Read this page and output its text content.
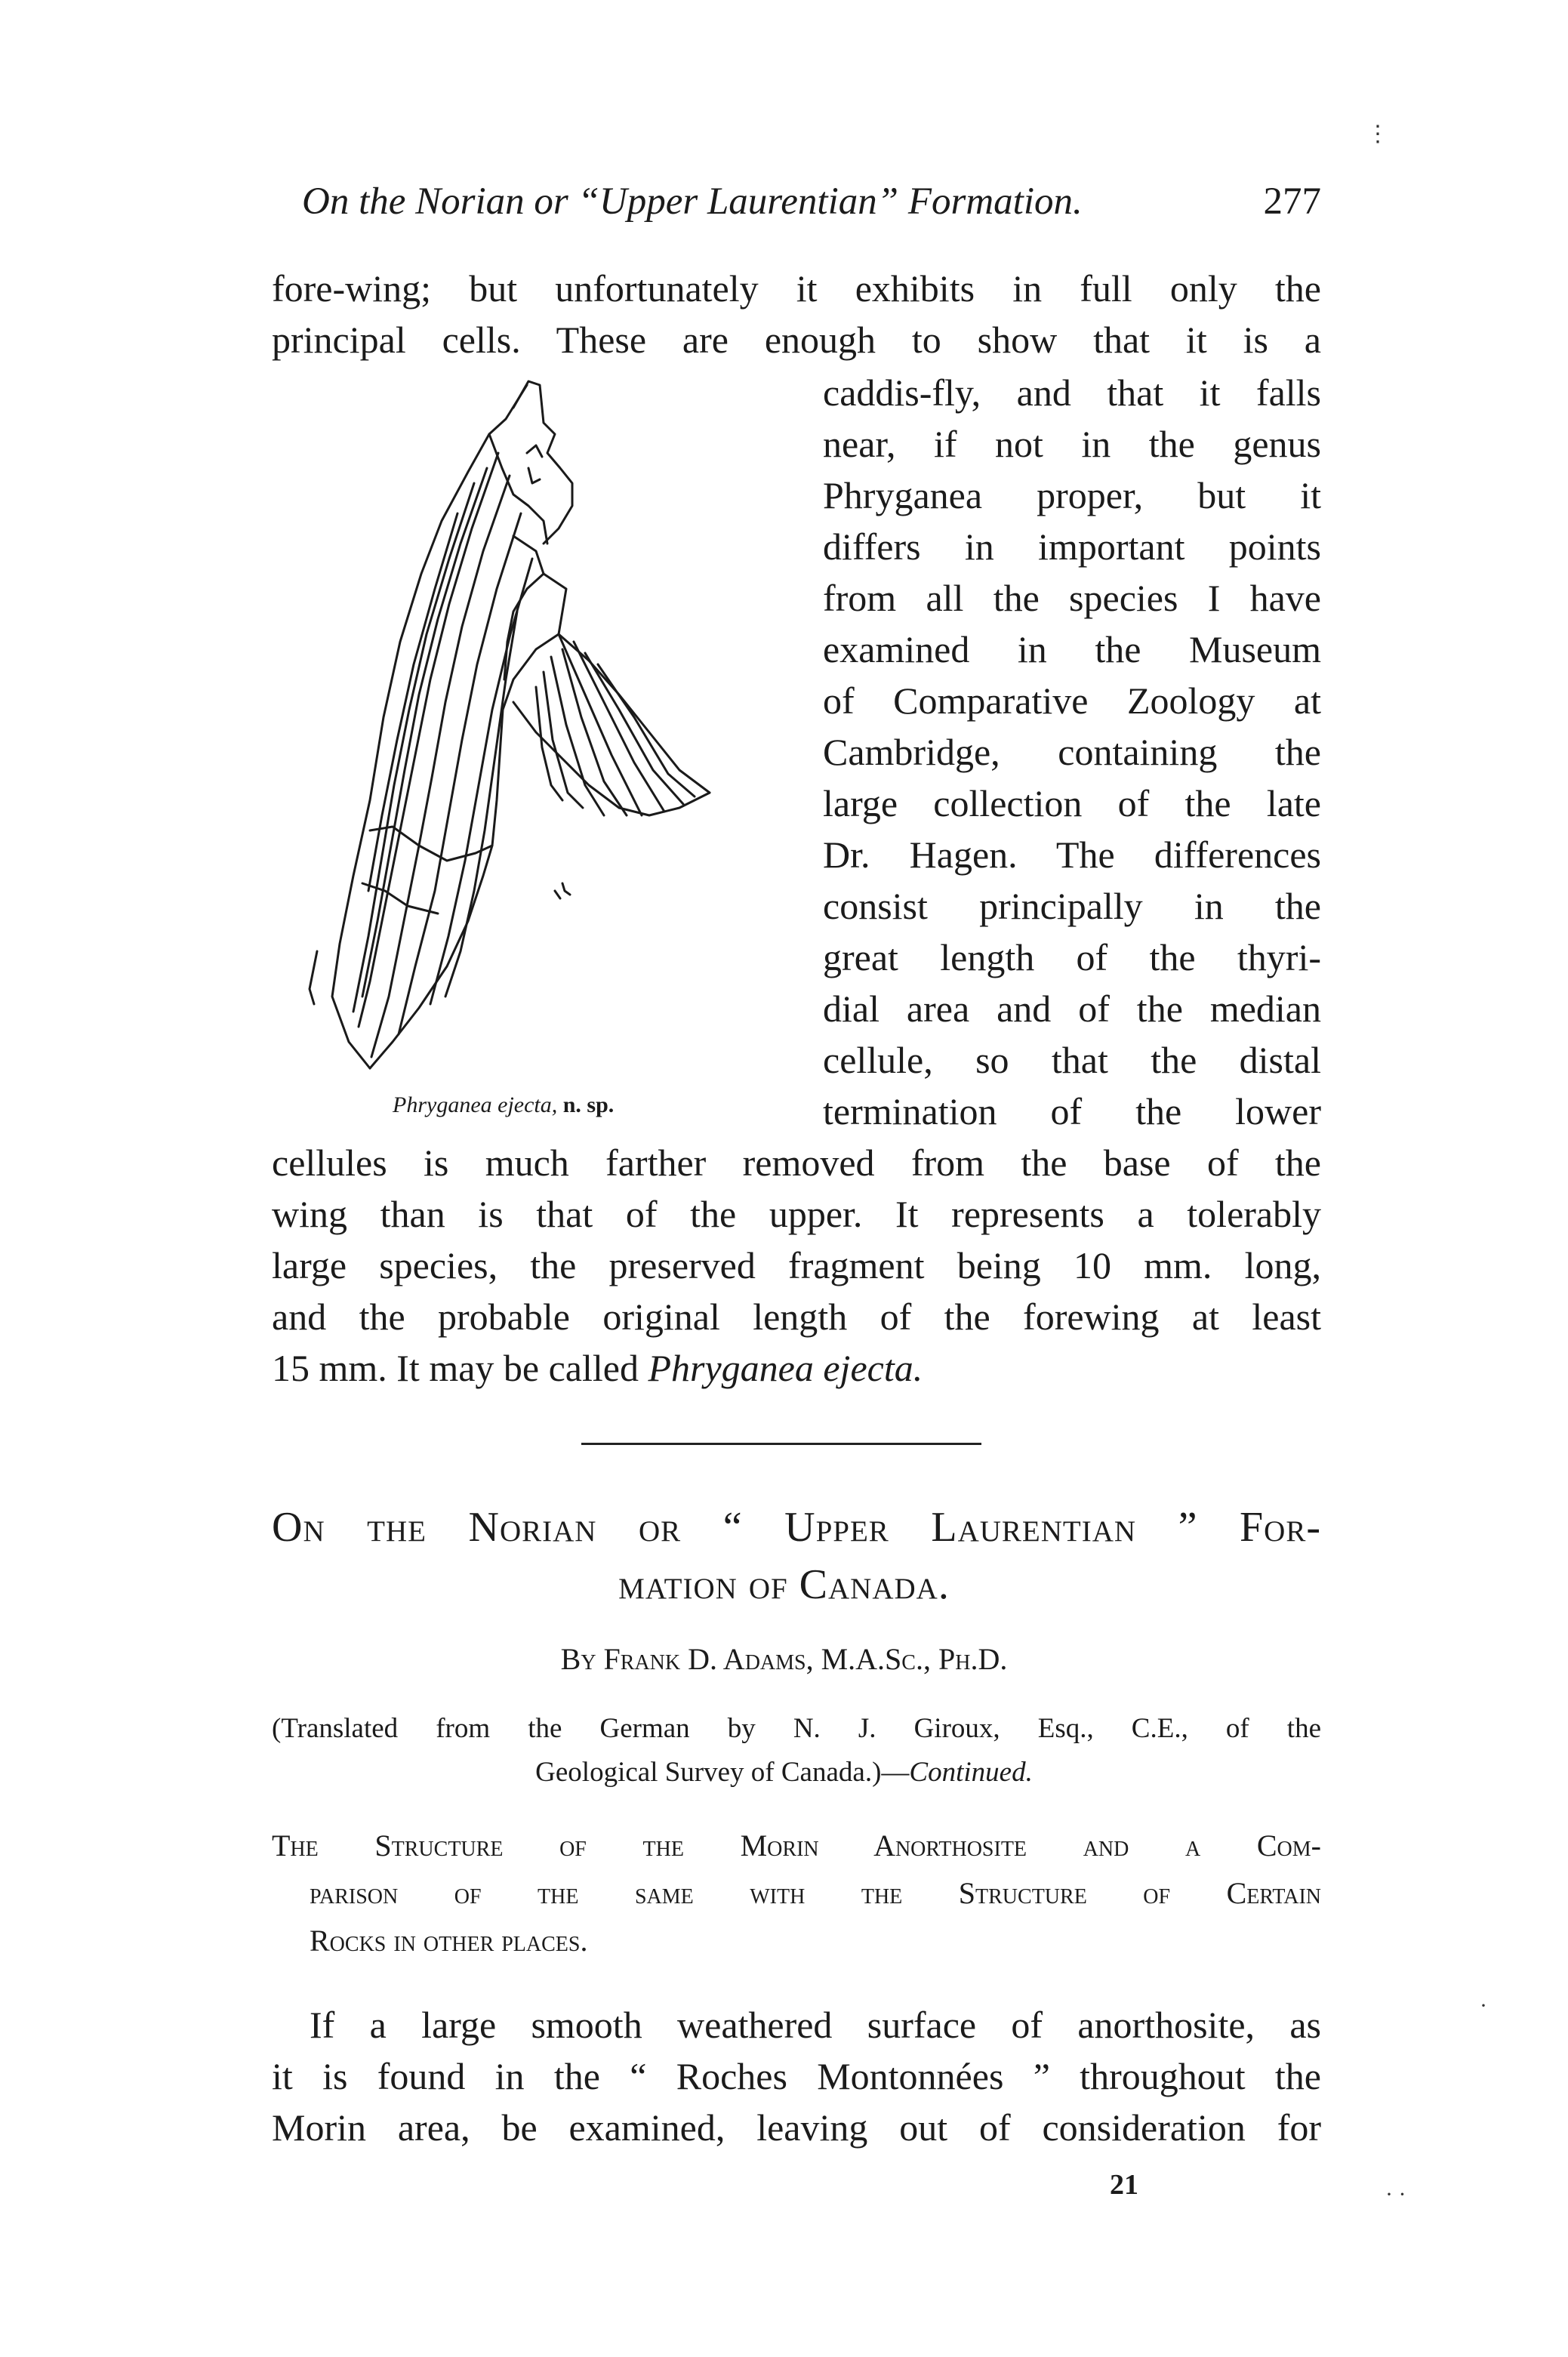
On the Norian or “Upper Laurentian” Formation.	277
fore-wing; but unfortunately it exhibits in full only the
principal cells. These are enough to show that it is a
caddis-fly, and that it falls
near, if not in the genus
Phryganea proper, but it
differs in important points
from all the species I have
examined in the Museum
of Comparative Zoology at
Cambridge, containing the
large collection of the late
Dr. Hagen. The differences
consist principally in the
great length of the thyri-
dial area and of the median
cellule, so that the distal
termination of the lower
Phryganea ejecta, n. sp.
cellules is much farther removed from the base of the
wing than is that of the upper. It represents a tolerably
large species, the preserved fragment being 10 mm. long,
and the probable original length of the forewing at least
15 mm. It may be called Phryganea ejecta.
On the Norian or “ Upper Laurentian ” For-
mation of Canada.
By Frank D. Adams, M.A.Sc., Ph.D.
(Translated from the German by N. J. Giroux, Esq., C.E., of the
Geological Survey of Canada.)—Continued.
The Structure of the Morin Anorthosite and a Com-
parison of the same with the Structure of Certain
Rocks in other places.
If a large smooth weathered surface of anorthosite, as
it is found in the “ Roches Montonnées ” throughout the
Morin area, be examined, leaving out of consideration for
21
⋮
·
· ·
